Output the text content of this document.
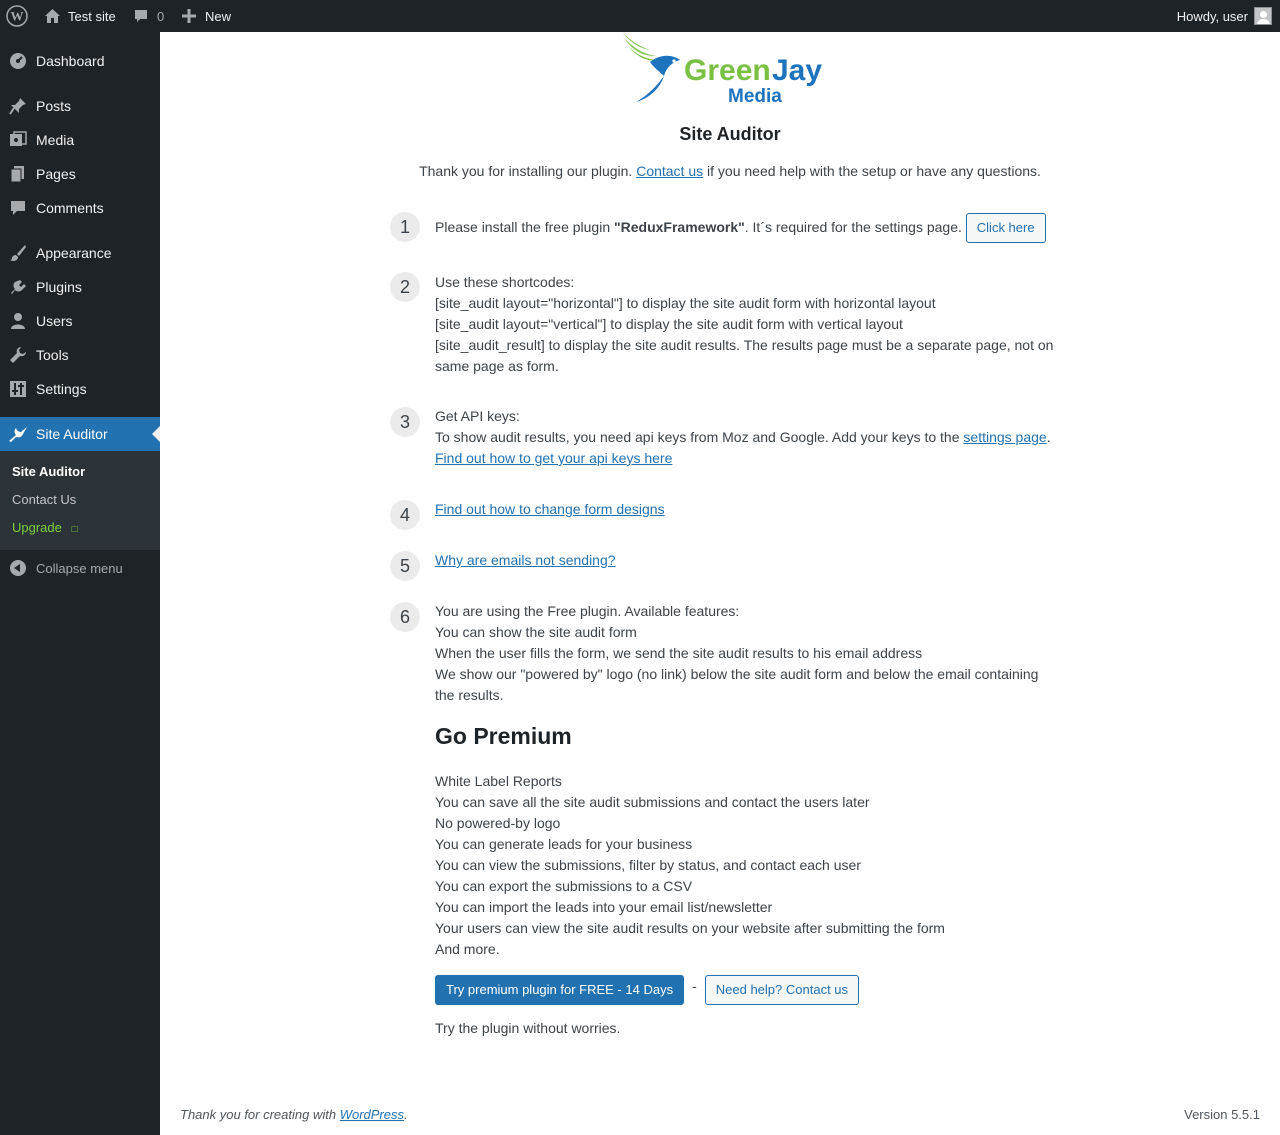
W	Test site	0	New	Howdy, user
Dashboard
Posts
Media
Pages
Comments
Appearance
Plugins
Users
Tools
Settings
Site Auditor
Site Auditor
Contact Us
Upgrade □
Collapse menu
Green Jay
Media
Site Auditor
Thank you for installing our plugin. Contact us if you need help with the setup or have any questions.
1	Please install the free plugin "ReduxFramework". It´s required for the settings page. Click here
2	Use these shortcodes:
[site_audit layout="horizontal"] to display the site audit form with horizontal layout
[site_audit layout="vertical"] to display the site audit form with vertical layout
[site_audit_result] to display the site audit results. The results page must be a separate page, not on same page as form.
3	Get API keys:
To show audit results, you need api keys from Moz and Google. Add your keys to the settings page.
Find out how to get your api keys here
4	Find out how to change form designs
5	Why are emails not sending?
6	You are using the Free plugin. Available features:
You can show the site audit form
When the user fills the form, we send the site audit results to his email address
We show our "powered by" logo (no link) below the site audit form and below the email containing the results.
Go Premium
White Label Reports
You can save all the site audit submissions and contact the users later
No powered-by logo
You can generate leads for your business
You can view the submissions, filter by status, and contact each user
You can export the submissions to a CSV
You can import the leads into your email list/newsletter
Your users can view the site audit results on your website after submitting the form
And more.
Try premium plugin for FREE - 14 Days	-	Need help? Contact us
Try the plugin without worries.
Thank you for creating with WordPress.	Version 5.5.1
